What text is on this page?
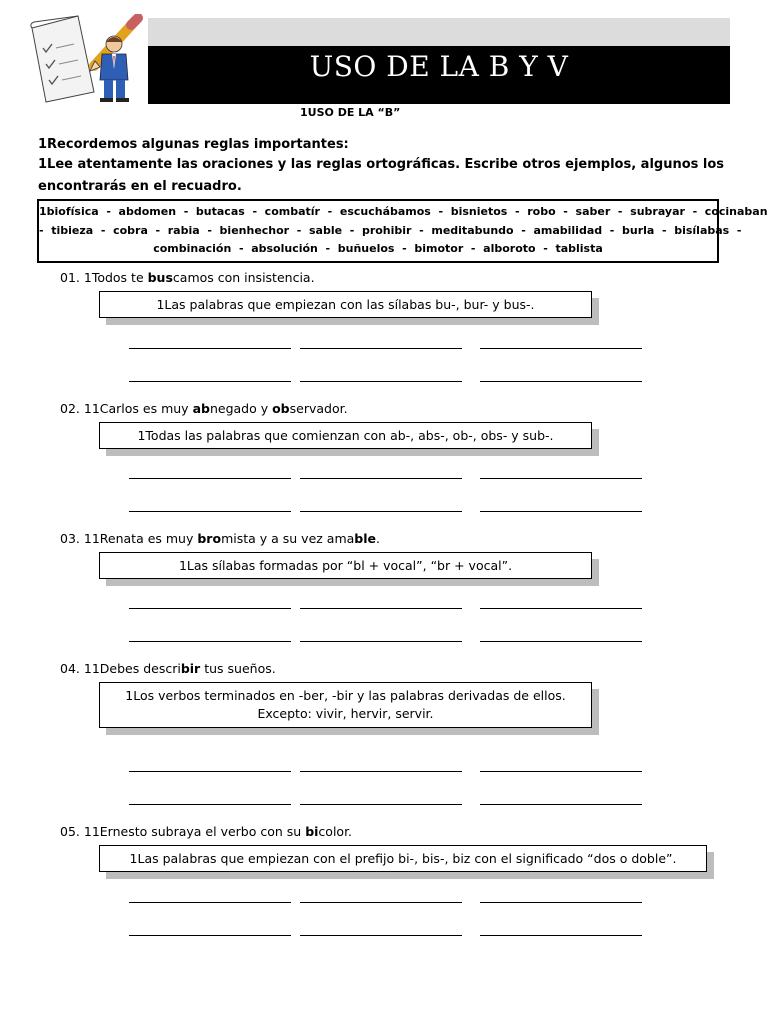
USO DE LA B Y V
1USO DE LA “B”
1Recordemos algunas reglas importantes:
1Lee atentamente las oraciones y las reglas ortográficas. Escribe otros ejemplos, algunos los
encontrarás en el recuadro.
1biofísica  -  abdomen  -  butacas  -  combatír  -  escuchábamos  -  bisnietos  -  robo  -  saber  -  subrayar  -  cocinaban
-  tibieza  -  cobra  -  rabia  -  bienhechor  -  sable  -  prohibir  -  meditabundo  -  amabilidad  -  burla  -  bisílabas  -
combinación  -  absolución  -  buñuelos  -  bimotor  -  alboroto  -  tablista
01. 1Todos te buscamos con insistencia.
1Las palabras que empiezan con las sílabas bu-, bur- y bus-.
02. 11Carlos es muy abnegado y observador.
1Todas las palabras que comienzan con ab-, abs-, ob-, obs- y sub-.
03. 11Renata es muy bromista y a su vez amable.
1Las sílabas formadas por “bl + vocal”, “br + vocal”.
04. 11Debes describir tus sueños.
1Los verbos terminados en -ber, -bir y las palabras derivadas de ellos.
Excepto: vivir, hervir, servir.
05. 11Ernesto subraya el verbo con su bicolor.
1Las palabras que empiezan con el prefijo bi-, bis-, biz con el significado “dos o doble”.
